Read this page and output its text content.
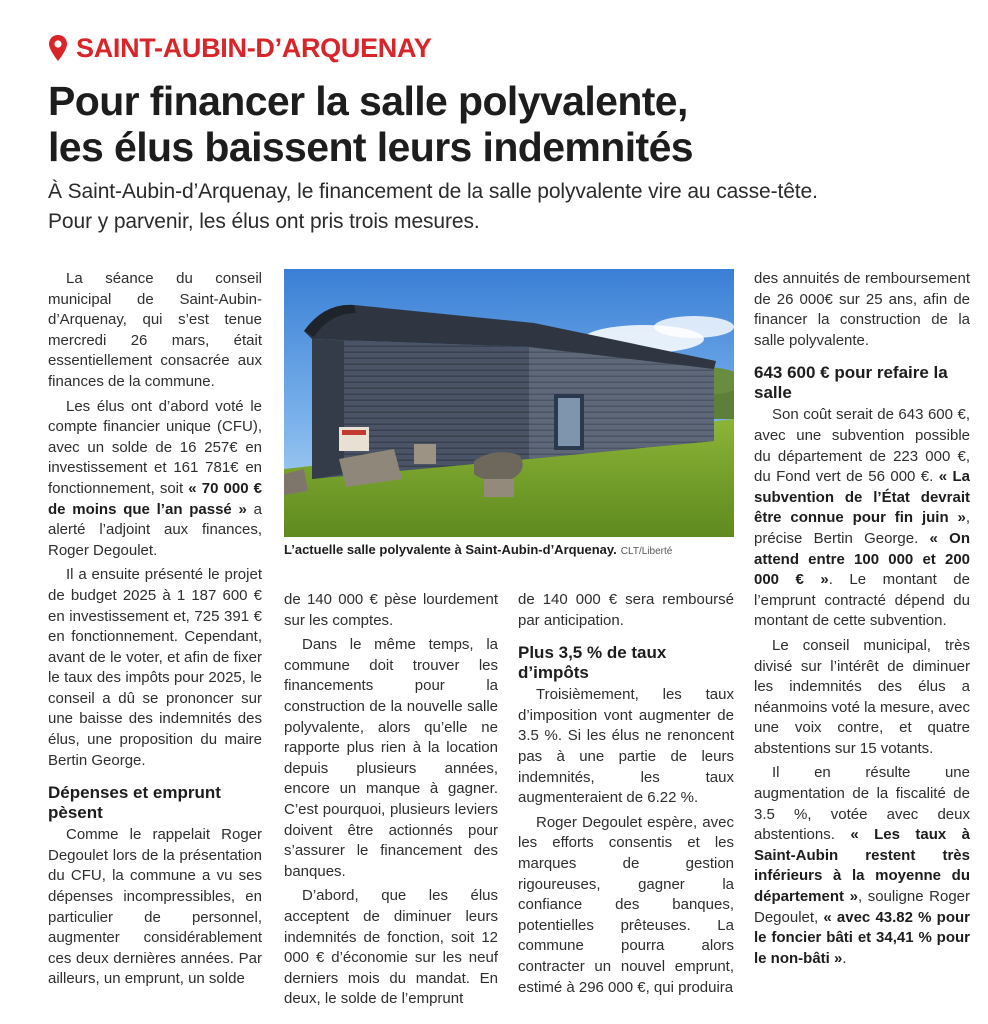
SAINT-AUBIN-D’ARQUENAY
Pour financer la salle polyvalente,
les élus baissent leurs indemnités

À Saint-Aubin-d’Arquenay, le financement de la salle polyvalente vire au casse-tête.
Pour y parvenir, les élus ont pris trois mesures.

La séance du conseil municipal de Saint-Aubin-d’Arquenay, qui s’est tenue mercredi 26 mars, était essentiellement consacrée aux finances de la commune.

Les élus ont d’abord voté le compte financier unique (CFU), avec un solde de 16 257€ en investissement et 161 781€ en fonctionnement, soit « 70 000 € de moins que l’an passé » a alerté l’adjoint aux finances, Roger Degoulet.

Il a ensuite présenté le projet de budget 2025 à 1 187 600 € en investissement et, 725 391 € en fonctionnement. Cependant, avant de le voter, et afin de fixer le taux des impôts pour 2025, le conseil a dû se prononcer sur une baisse des indemnités des élus, une proposition du maire Bertin George.

Dépenses et emprunt pèsent

Comme le rappelait Roger Degoulet lors de la présentation du CFU, la commune a vu ses dépenses incompressibles, en particulier de personnel, augmenter considérablement ces deux dernières années. Par ailleurs, un emprunt, un solde

L’actuelle salle polyvalente à Saint-Aubin-d’Arquenay. CLT/Liberté

de 140 000 € pèse lourdement sur les comptes.

Dans le même temps, la commune doit trouver les financements pour la construction de la nouvelle salle polyvalente, alors qu’elle ne rapporte plus rien à la location depuis plusieurs années, encore un manque à gagner. C’est pourquoi, plusieurs leviers doivent être actionnés pour s’assurer le financement des banques.

D’abord, que les élus acceptent de diminuer leurs indemnités de fonction, soit 12 000 € d’économie sur les neuf derniers mois du mandat. En deux, le solde de l’emprunt

de 140 000 € sera remboursé par anticipation.

Plus 3,5 % de taux d’impôts

Troisièmement, les taux d’imposition vont augmenter de 3.5 %. Si les élus ne renoncent pas à une partie de leurs indemnités, les taux augmenteraient de 6.22 %.

Roger Degoulet espère, avec les efforts consentis et les marques de gestion rigoureuses, gagner la confiance des banques, potentielles prêteuses. La commune pourra alors contracter un nouvel emprunt, estimé à 296 000 €, qui produira

des annuités de remboursement de 26 000€ sur 25 ans, afin de financer la construction de la salle polyvalente.

643 600 € pour refaire la salle

Son coût serait de 643 600 €, avec une subvention possible du département de 223 000 €, du Fond vert de 56 000 €. « La subvention de l’État devrait être connue pour fin juin », précise Bertin George. « On attend entre 100 000 et 200 000 € ». Le montant de l’emprunt contracté dépend du montant de cette subvention.

Le conseil municipal, très divisé sur l’intérêt de diminuer les indemnités des élus a néanmoins voté la mesure, avec une voix contre, et quatre abstentions sur 15 votants.

Il en résulte une augmentation de la fiscalité de 3.5 %, votée avec deux abstentions. « Les taux à Saint-Aubin restent très inférieurs à la moyenne du département », souligne Roger Degoulet, « avec 43.82 % pour le foncier bâti et 34,41 % pour le non-bâti ».
